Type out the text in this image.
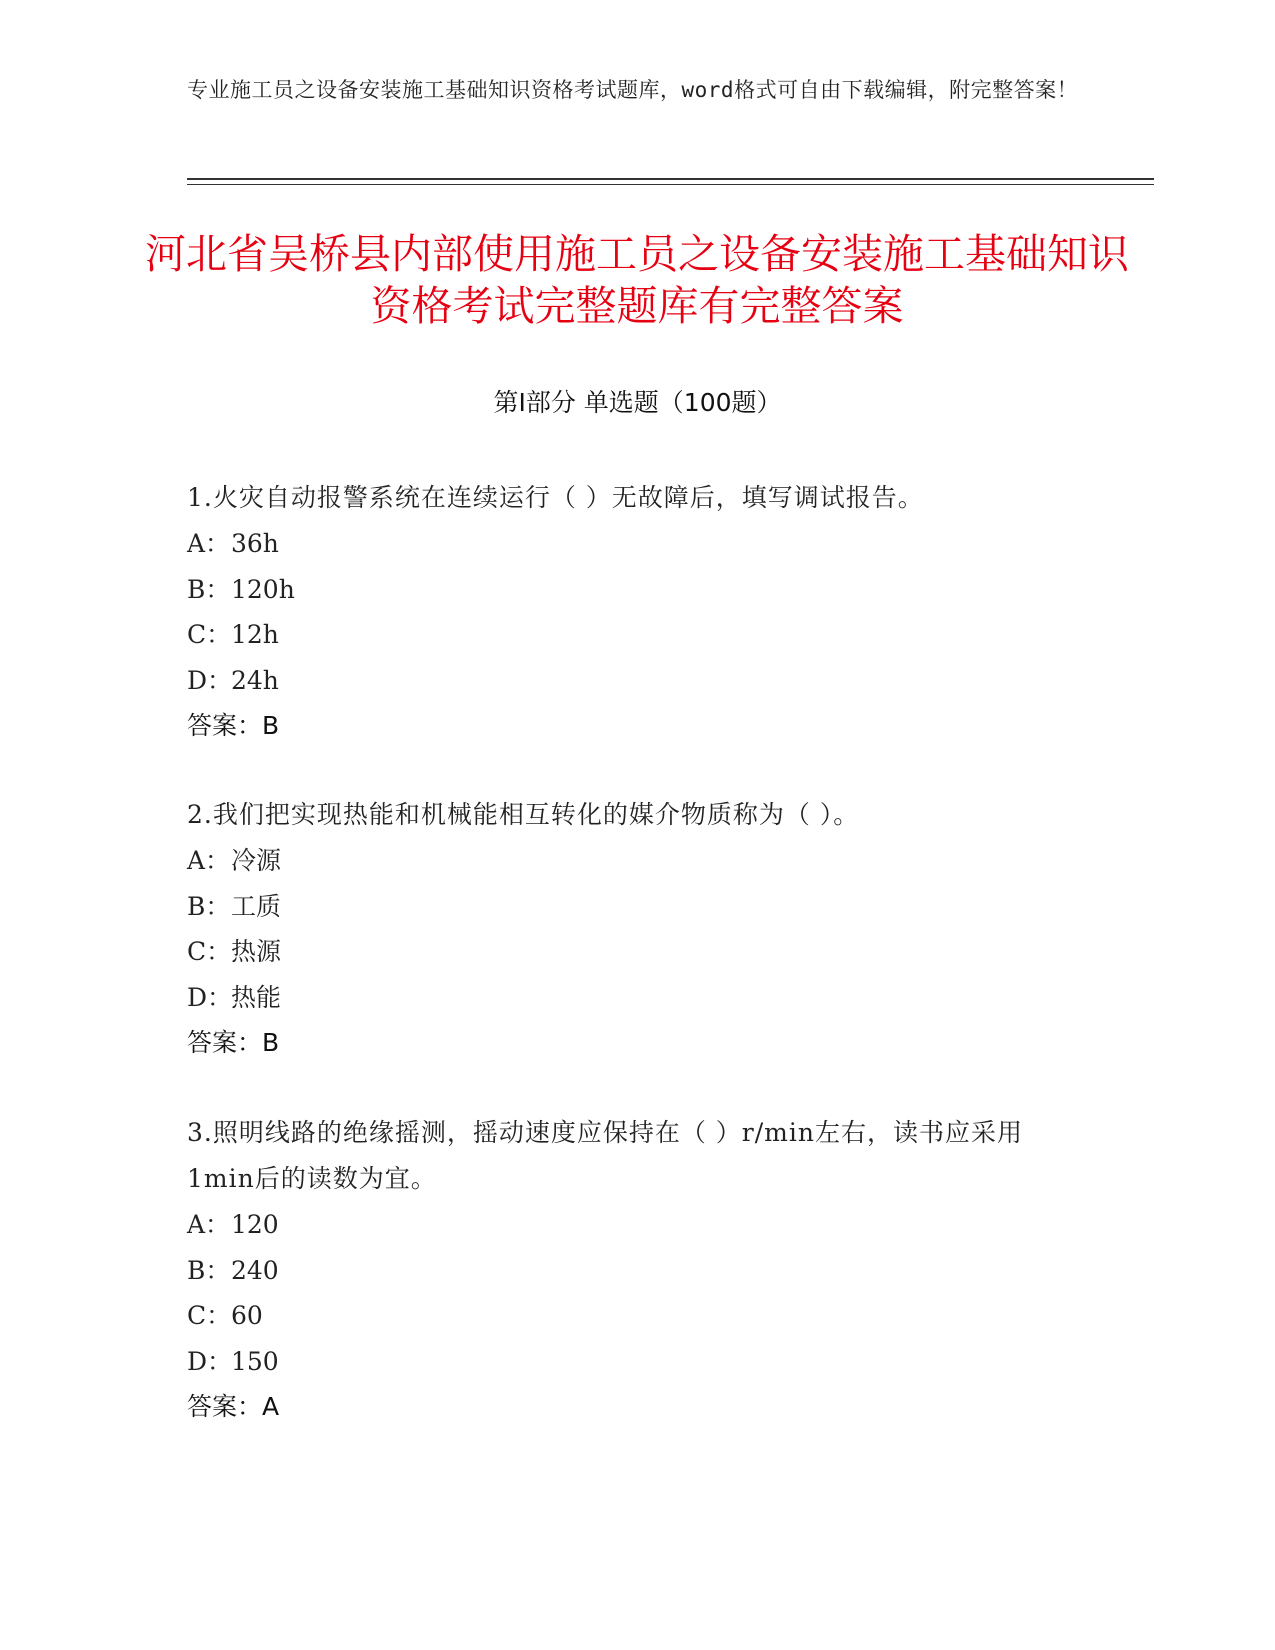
专业施工员之设备安装施工基础知识资格考试题库，word格式可自由下载编辑，附完整答案！
河北省吴桥县内部使用施工员之设备安装施工基础知识资格考试完整题库有完整答案
第Ⅰ部分 单选题（100题）
1.火灾自动报警系统在连续运行（ ）无故障后，填写调试报告。
A：36h
B：120h
C：12h
D：24h
答案：B
2.我们把实现热能和机械能相互转化的媒介物质称为（ ）。
A：冷源
B：工质
C：热源
D：热能
答案：B
3.照明线路的绝缘摇测，摇动速度应保持在（ ）r/min左右，读书应采用1min后的读数为宜。
A：120
B：240
C：60
D：150
答案：A
